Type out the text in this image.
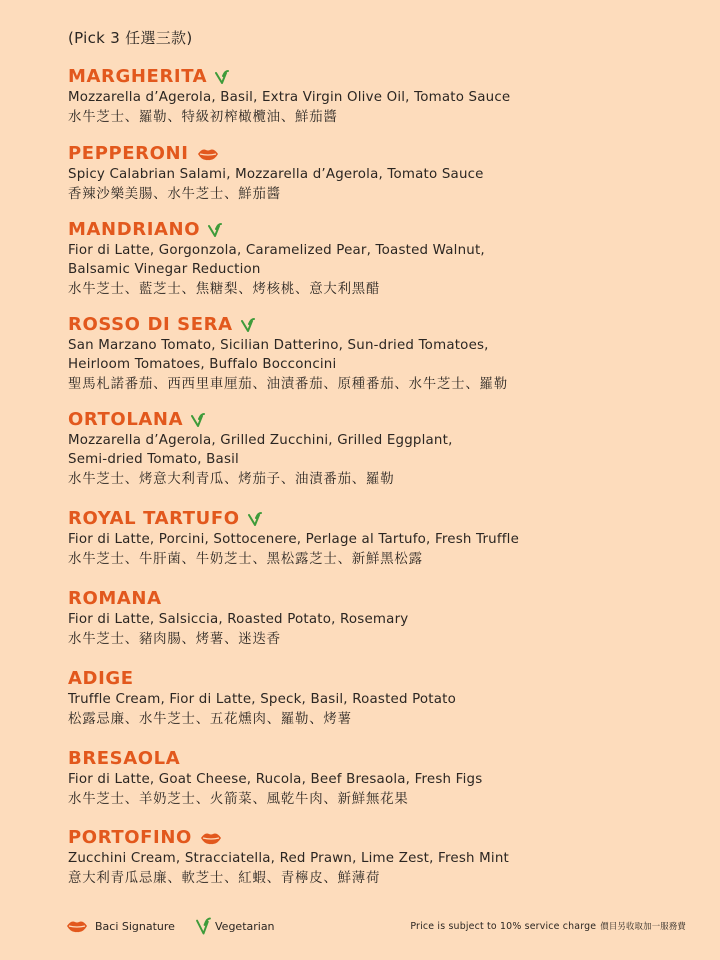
(Pick 3 任選三款)
MARGHERITA
Mozzarella d’Agerola, Basil, Extra Virgin Olive Oil, Tomato Sauce
水牛芝士、羅勒、特級初榨橄欖油、鮮茄醬
PEPPERONI
Spicy Calabrian Salami, Mozzarella d’Agerola, Tomato Sauce
香辣沙樂美腸、水牛芝士、鮮茄醬
MANDRIANO
Fior di Latte, Gorgonzola, Caramelized Pear, Toasted Walnut,
Balsamic Vinegar Reduction
水牛芝士、藍芝士、焦糖梨、烤核桃、意大利黑醋
ROSSO DI SERA
San Marzano Tomato, Sicilian Datterino, Sun-dried Tomatoes,
Heirloom Tomatoes, Buffalo Bocconcini
聖馬札諾番茄、西西里車厘茄、油漬番茄、原種番茄、水牛芝士、羅勒
ORTOLANA
Mozzarella d’Agerola, Grilled Zucchini, Grilled Eggplant,
Semi-dried Tomato, Basil
水牛芝士、烤意大利青瓜、烤茄子、油漬番茄、羅勒
ROYAL TARTUFO
Fior di Latte, Porcini, Sottocenere, Perlage al Tartufo, Fresh Truffle
水牛芝士、牛肝菌、牛奶芝士、黑松露芝士、新鮮黑松露
ROMANA
Fior di Latte, Salsiccia, Roasted Potato, Rosemary
水牛芝士、豬肉腸、烤薯、迷迭香
ADIGE
Truffle Cream, Fior di Latte, Speck, Basil, Roasted Potato
松露忌廉、水牛芝士、五花燻肉、羅勒、烤薯
BRESAOLA
Fior di Latte, Goat Cheese, Rucola, Beef Bresaola, Fresh Figs
水牛芝士、羊奶芝士、火箭菜、風乾牛肉、新鮮無花果
PORTOFINO
Zucchini Cream, Stracciatella, Red Prawn, Lime Zest, Fresh Mint
意大利青瓜忌廉、軟芝士、紅蝦、青檸皮、鮮薄荷
Baci Signature	Vegetarian	Price is subject to 10% service charge 價目另收取加一服務費
